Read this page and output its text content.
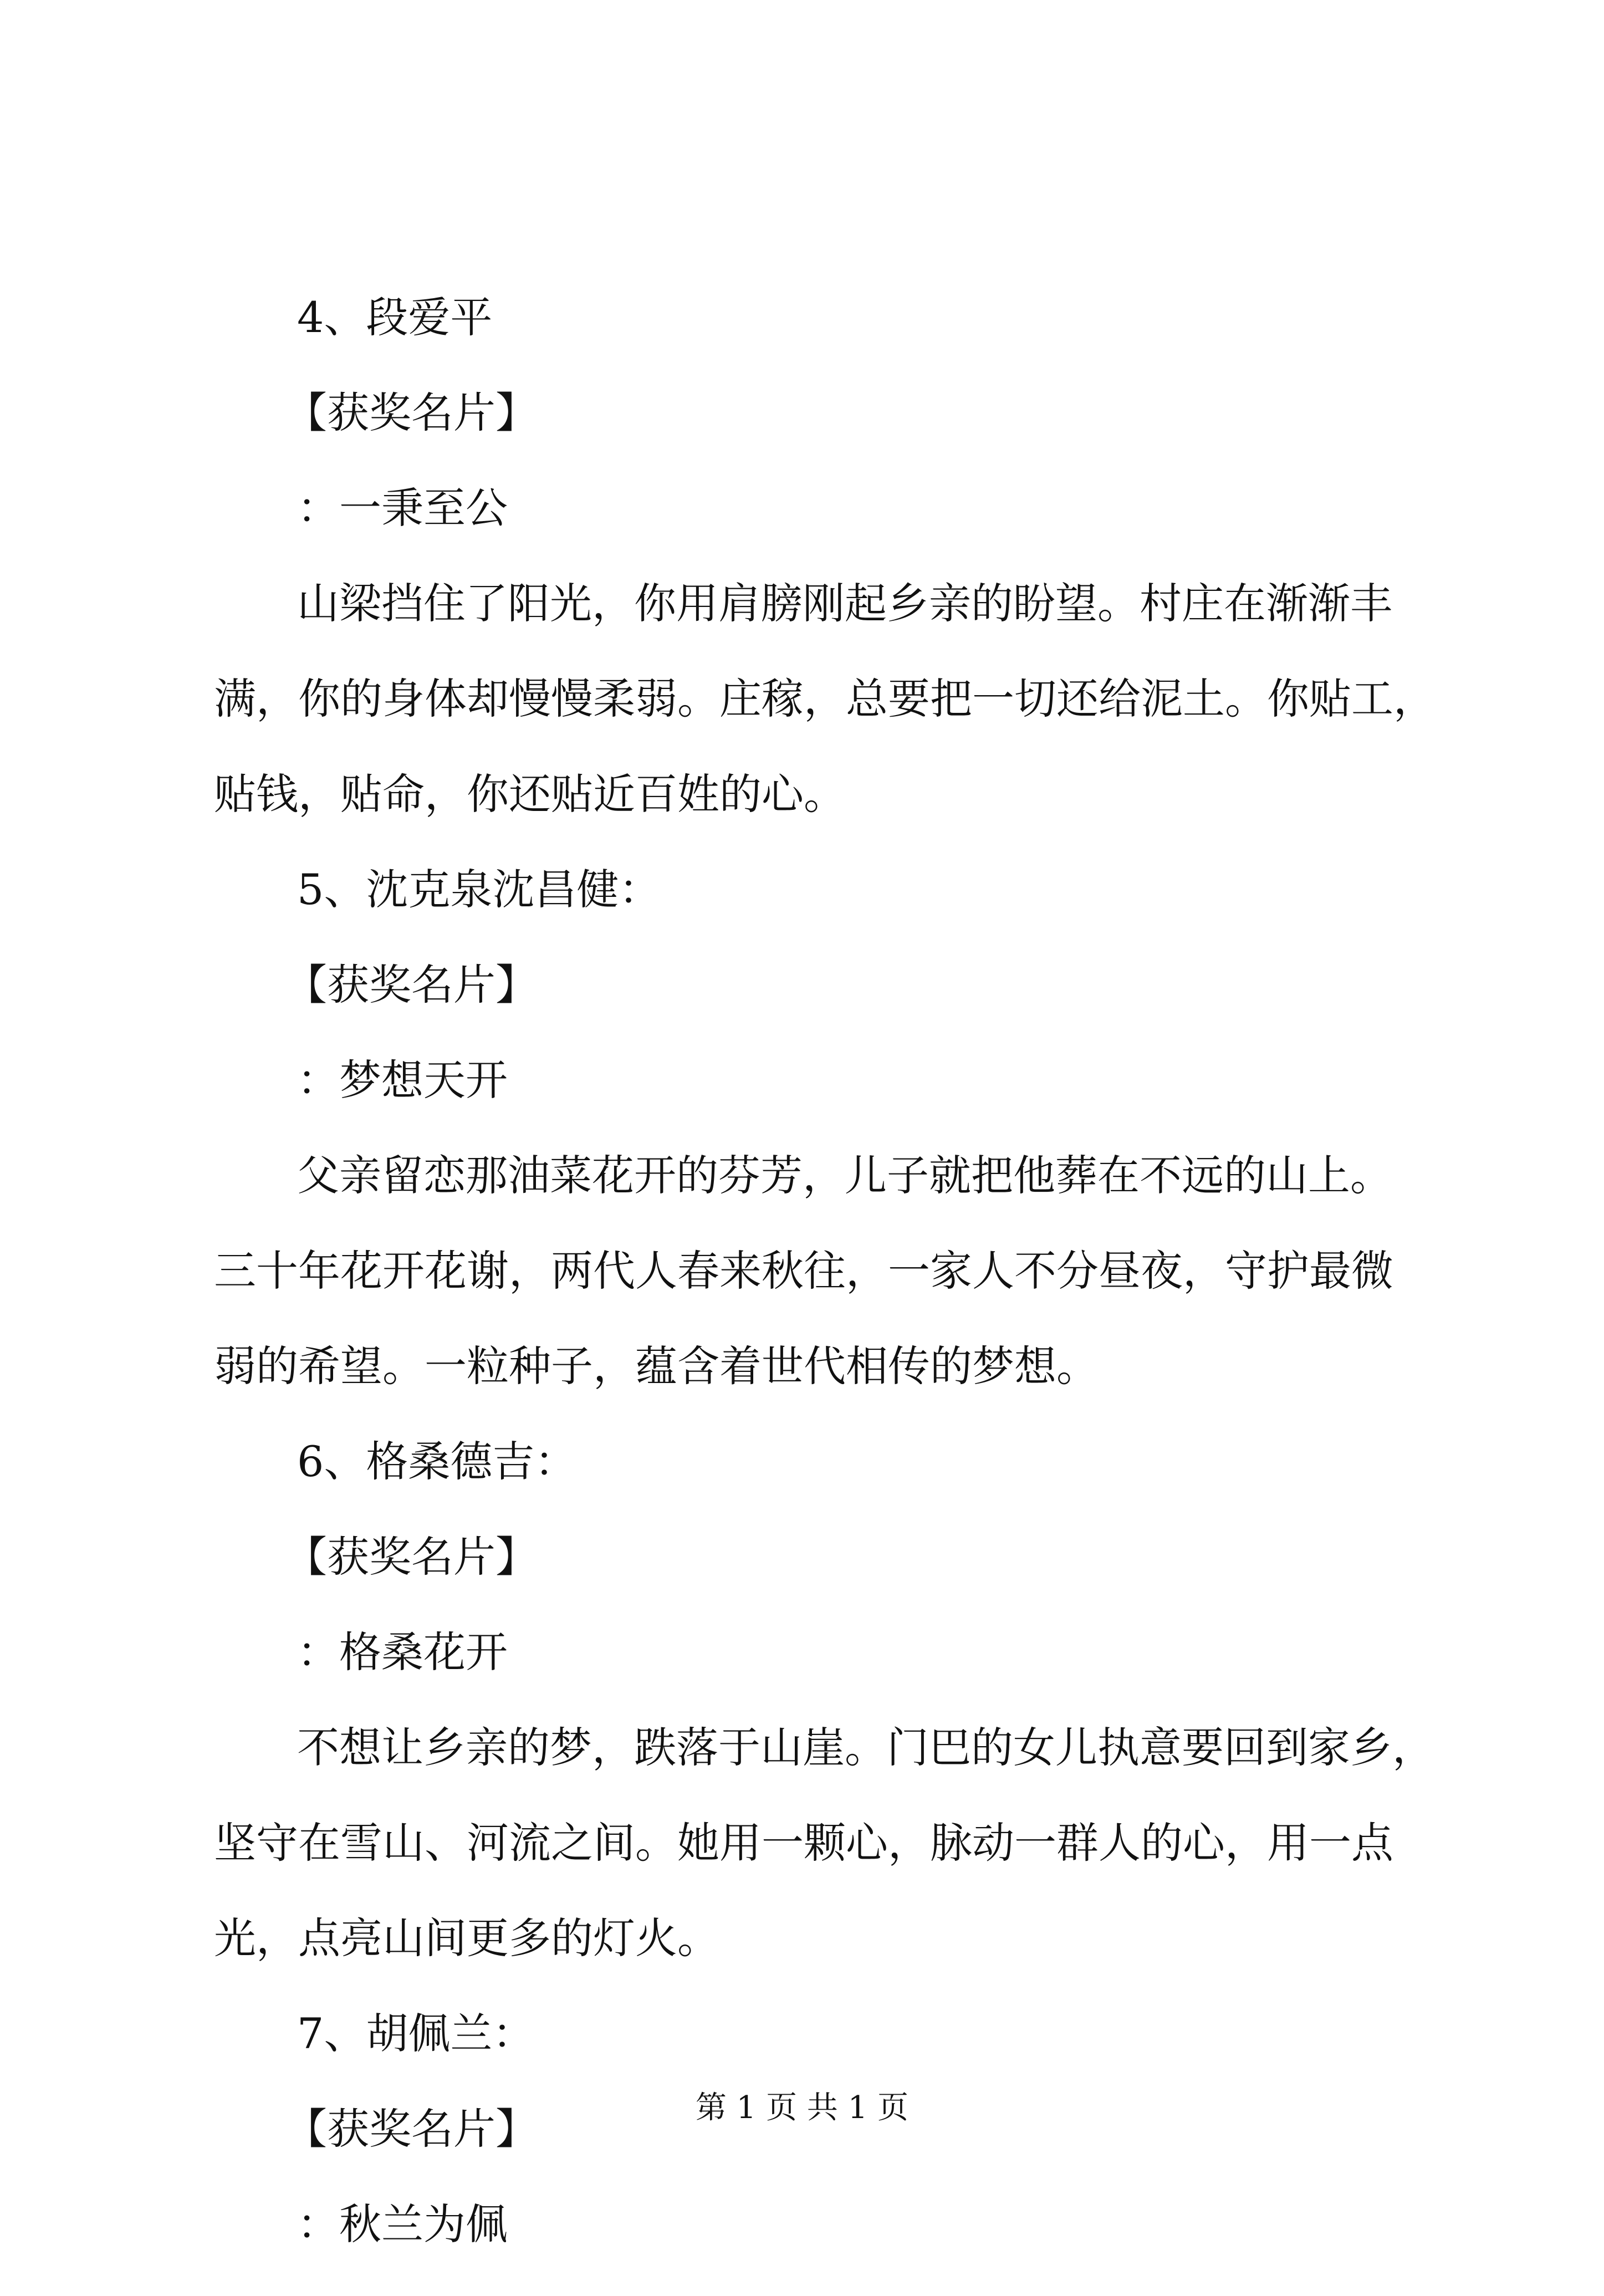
4、段爱平
【获奖名片】
：一秉至公
山梁挡住了阳光，你用肩膀刚起乡亲的盼望。村庄在渐渐丰
满，你的身体却慢慢柔弱。庄稼，总要把一切还给泥土。你贴工，
贴钱，贴命，你还贴近百姓的心。
5、沈克泉沈昌健：
【获奖名片】
：梦想天开
父亲留恋那油菜花开的芬芳，儿子就把他葬在不远的山上。
三十年花开花谢，两代人春来秋往，一家人不分昼夜，守护最微
弱的希望。一粒种子，蕴含着世代相传的梦想。
6、格桑德吉：
【获奖名片】
：格桑花开
不想让乡亲的梦，跌落于山崖。门巴的女儿执意要回到家乡，
坚守在雪山、河流之间。她用一颗心，脉动一群人的心，用一点
光，点亮山间更多的灯火。
7、胡佩兰：
【获奖名片】
：秋兰为佩
第 1 页 共 1 页
